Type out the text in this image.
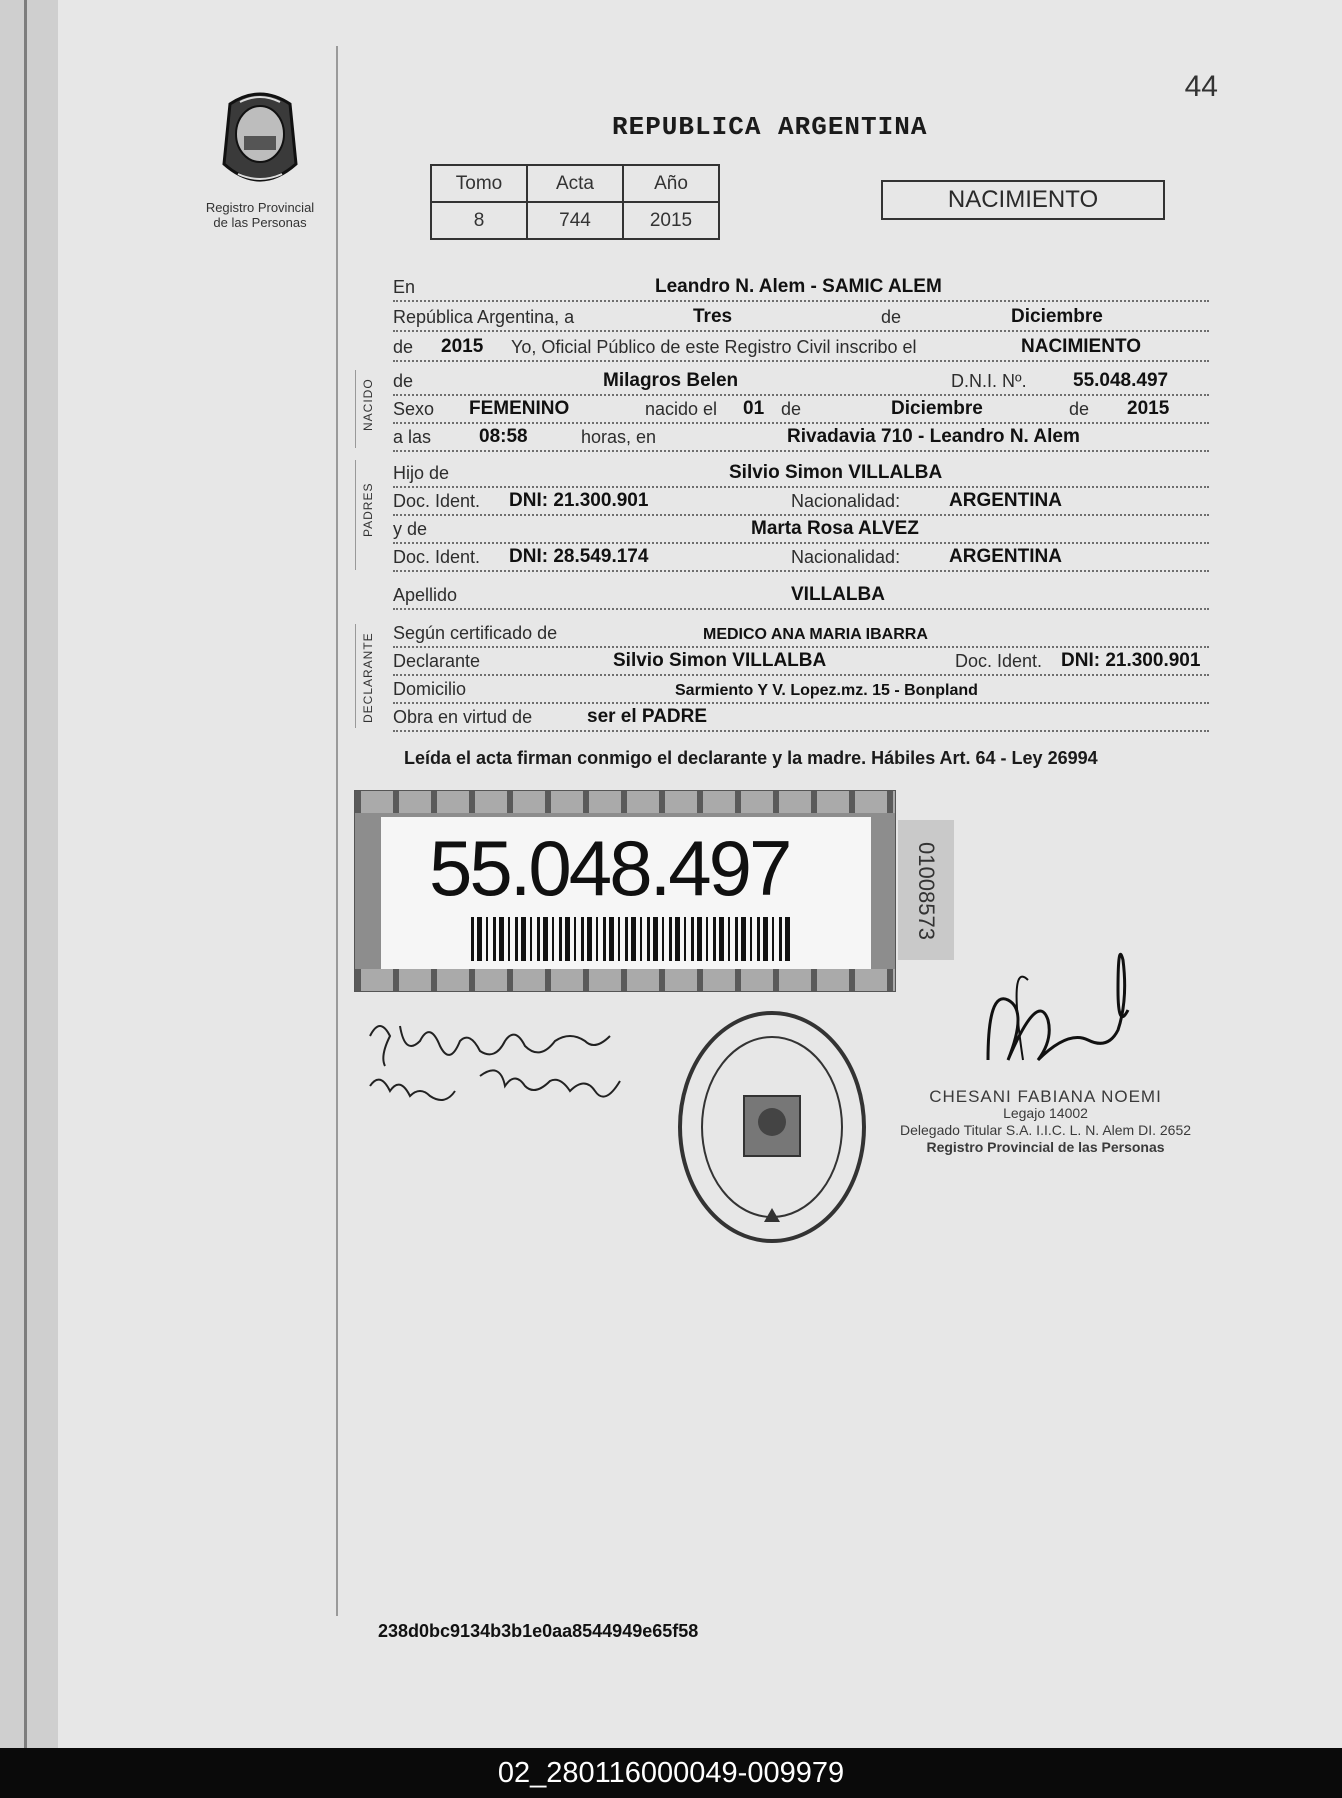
44
Registro Provincial
de las Personas
REPUBLICA ARGENTINA
Tomo	Acta	Año
8	744	2015
NACIMIENTO
En	Leandro N. Alem - SAMIC ALEM
República Argentina, a	Tres	de	Diciembre
de 2015 Yo, Oficial Público de este Registro Civil inscribo el	NACIMIENTO
NACIDO de	Milagros Belen	D.N.I. Nº. 55.048.497
Sexo FEMENINO	nacido el 01 de	Diciembre	de 2015
a las	08:58	horas, en	Rivadavia 710 - Leandro N. Alem
PADRES
Hijo de	Silvio Simon VILLALBA
Doc. Ident. DNI: 21.300.901	Nacionalidad:	ARGENTINA
y de	Marta Rosa ALVEZ
Doc. Ident. DNI: 28.549.174	Nacionalidad:	ARGENTINA
Apellido	VILLALBA
DECLARANTE Según certificado de	MEDICO ANA MARIA IBARRA
Declarante	Silvio Simon VILLALBA	Doc. Ident. DNI: 21.300.901
Domicilio	Sarmiento Y V. Lopez.mz. 15 - Bonpland
Obra en virtud de	ser el PADRE
Leída el acta firman conmigo el declarante y la madre. Hábiles Art. 64 - Ley 26994
55.048.497	01008573
CHESANI FABIANA NOEMI
Legajo 14002
Delegado Titular S.A. I.I.C. L. N. Alem DI. 2652
Registro Provincial de las Personas
238d0bc9134b3b1e0aa8544949e65f58
02_280116000049-009979
